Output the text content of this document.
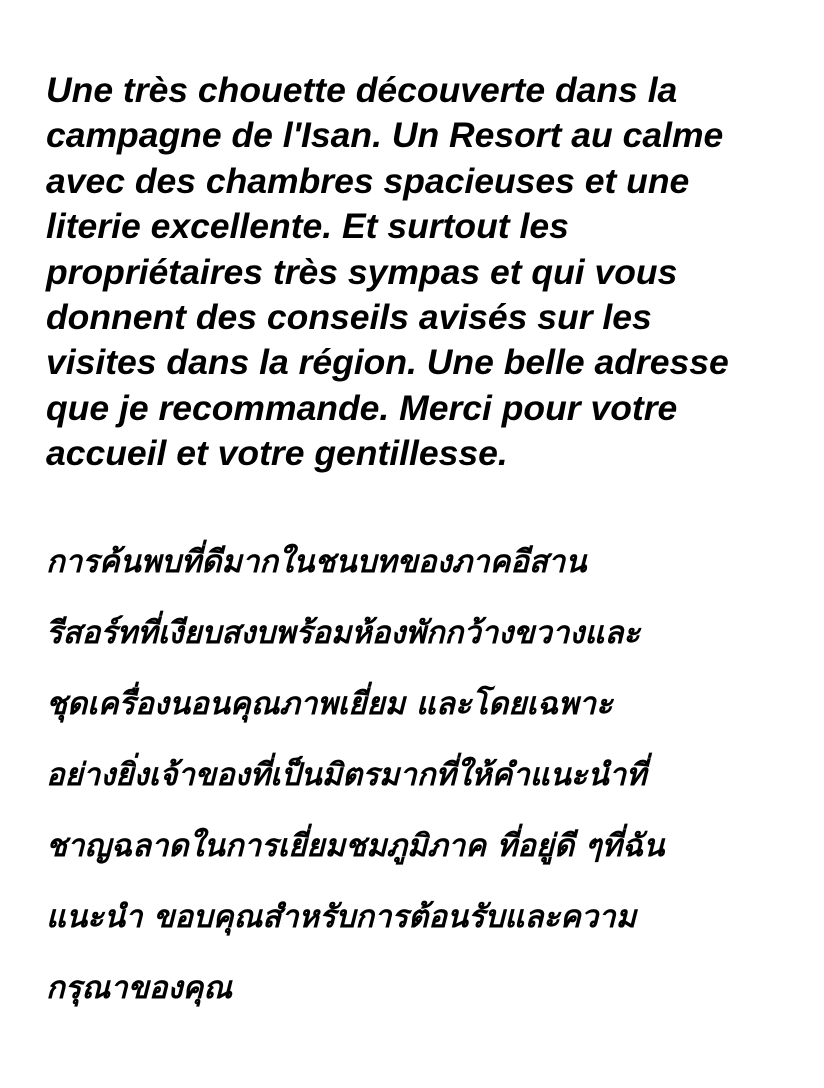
Une très chouette découverte dans la
campagne de l'Isan. Un Resort au calme
avec des chambres spacieuses et une
literie excellente. Et surtout les
propriétaires très sympas et qui vous
donnent des conseils avisés sur les
visites dans la région. Une belle adresse
que je recommande. Merci pour votre
accueil et votre gentillesse.

การค้นพบที่ดีมากในชนบทของภาคอีสาน
รีสอร์ทที่เงียบสงบพร้อมห้องพักกว้างขวางและ
ชุดเครื่องนอนคุณภาพเยี่ยม และโดยเฉพาะ
อย่างยิ่งเจ้าของที่เป็นมิตรมากที่ให้คำแนะนำที่
ชาญฉลาดในการเยี่ยมชมภูมิภาค ที่อยู่ดี ๆที่ฉัน
แนะนำ ขอบคุณสำหรับการต้อนรับและความ
กรุณาของคุณ
